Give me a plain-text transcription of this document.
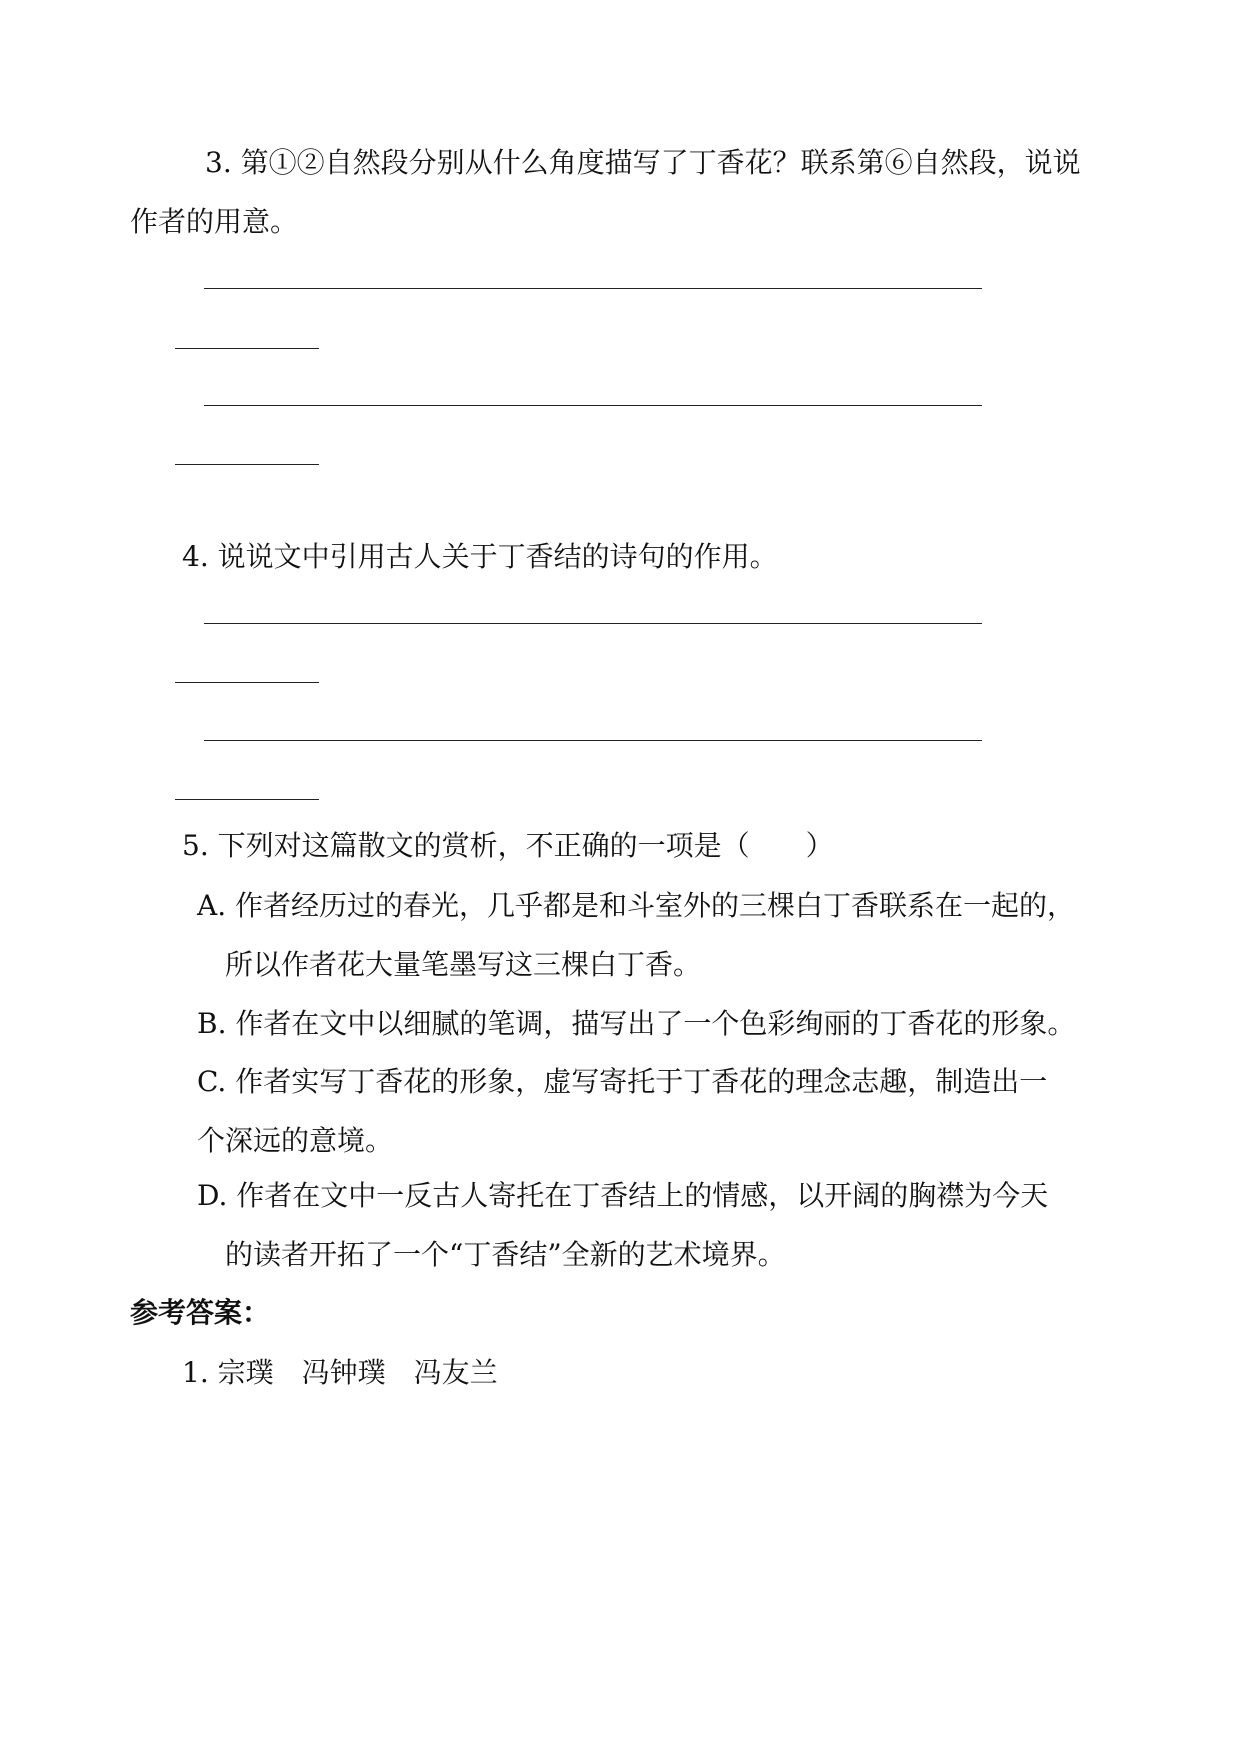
3. 第①②自然段分别从什么角度描写了丁香花？联系第⑥自然段，说说
作者的用意。
4. 说说文中引用古人关于丁香结的诗句的作用。
5. 下列对这篇散文的赏析，不正确的一项是（　　）
A. 作者经历过的春光，几乎都是和斗室外的三棵白丁香联系在一起的，
所以作者花大量笔墨写这三棵白丁香。
B. 作者在文中以细腻的笔调，描写出了一个色彩绚丽的丁香花的形象。
C. 作者实写丁香花的形象，虚写寄托于丁香花的理念志趣，制造出一
个深远的意境。
D. 作者在文中一反古人寄托在丁香结上的情感，以开阔的胸襟为今天
的读者开拓了一个“丁香结”全新的艺术境界。
参考答案：
1. 宗璞　冯钟璞　冯友兰
